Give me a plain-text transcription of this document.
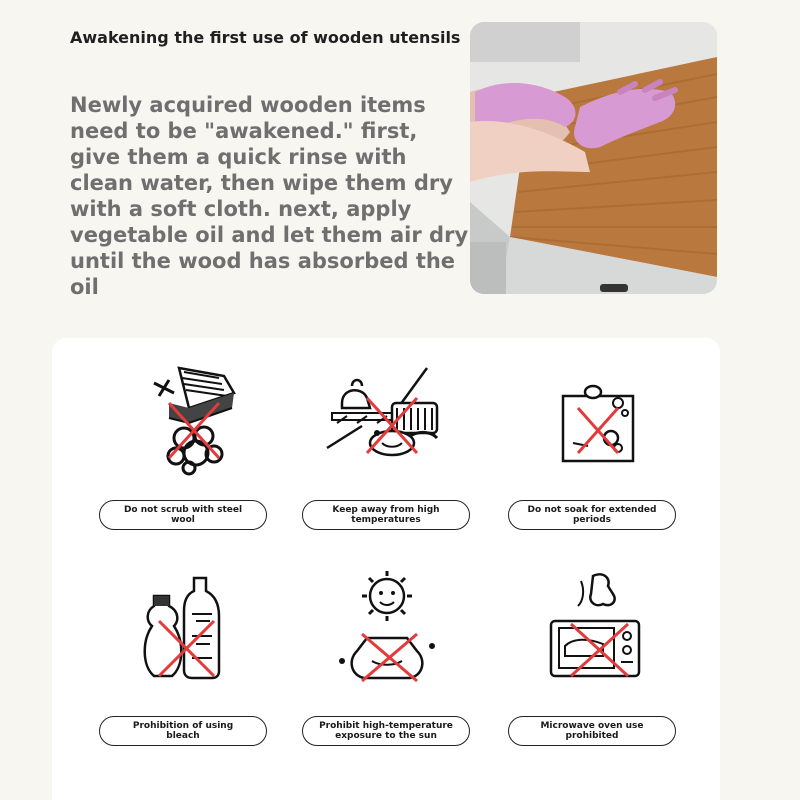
Awakening the first use of wooden utensils
Newly acquired wooden items need to be "awakened." first, give them a quick rinse with clean water, then wipe them dry with a soft cloth. next, apply vegetable oil and let them air dry until the wood has absorbed the oil
Do not scrub with steel wool
Keep away from high temperatures
Do not soak for extended periods
Prohibition of using bleach
Prohibit high-temperature exposure to the sun
Microwave oven use prohibited
